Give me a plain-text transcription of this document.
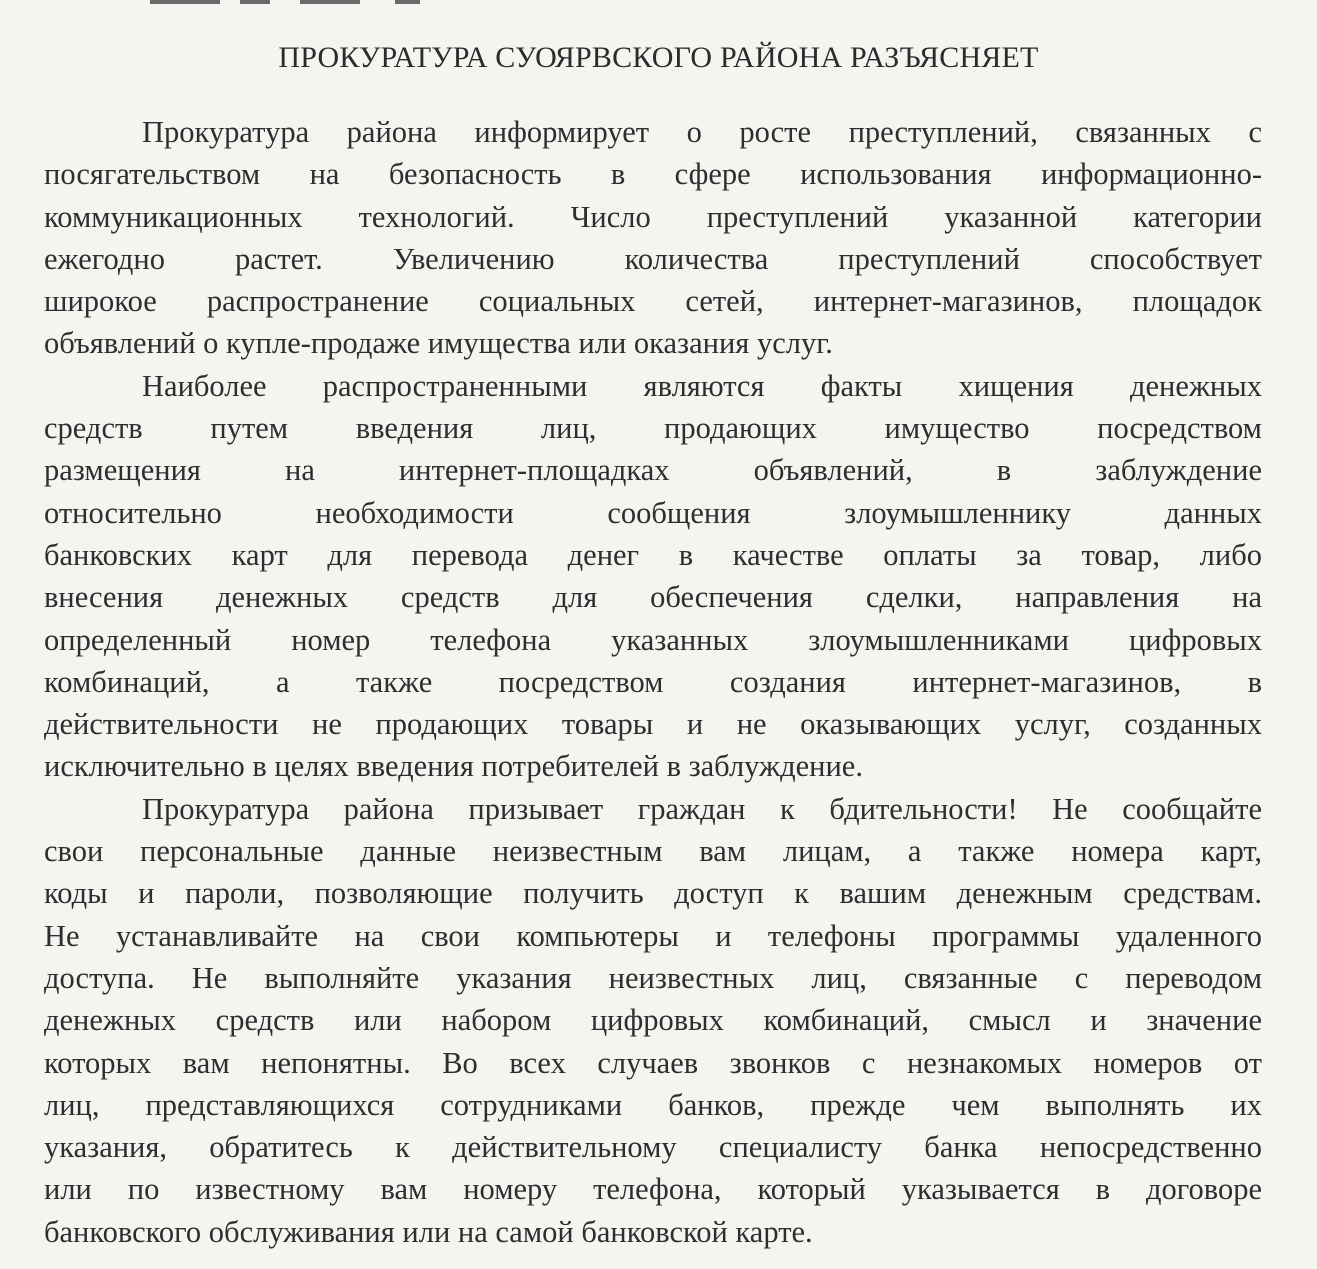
ПРОКУРАТУРА СУОЯРВСКОГО РАЙОНА РАЗЪЯСНЯЕТ
Прокуратура района информирует о росте преступлений, связанных с
посягательством на безопасность в сфере использования информационно-
коммуникационных технологий. Число преступлений указанной категории
ежегодно растет. Увеличению количества преступлений способствует
широкое распространение социальных сетей, интернет-магазинов, площадок
объявлений о купле-продаже имущества или оказания услуг.
Наиболее распространенными являются факты хищения денежных
средств путем введения лиц, продающих имущество посредством
размещения на интернет-площадках объявлений, в заблуждение
относительно необходимости сообщения злоумышленнику данных
банковских карт для перевода денег в качестве оплаты за товар, либо
внесения денежных средств для обеспечения сделки, направления на
определенный номер телефона указанных злоумышленниками цифровых
комбинаций, а также посредством создания интернет-магазинов, в
действительности не продающих товары и не оказывающих услуг, созданных
исключительно в целях введения потребителей в заблуждение.
Прокуратура района призывает граждан к бдительности! Не сообщайте
свои персональные данные неизвестным вам лицам, а также номера карт,
коды и пароли, позволяющие получить доступ к вашим денежным средствам.
Не устанавливайте на свои компьютеры и телефоны программы удаленного
доступа. Не выполняйте указания неизвестных лиц, связанные с переводом
денежных средств или набором цифровых комбинаций, смысл и значение
которых вам непонятны. Во всех случаев звонков с незнакомых номеров от
лиц, представляющихся сотрудниками банков, прежде чем выполнять их
указания, обратитесь к действительному специалисту банка непосредственно
или по известному вам номеру телефона, который указывается в договоре
банковского обслуживания или на самой банковской карте.
